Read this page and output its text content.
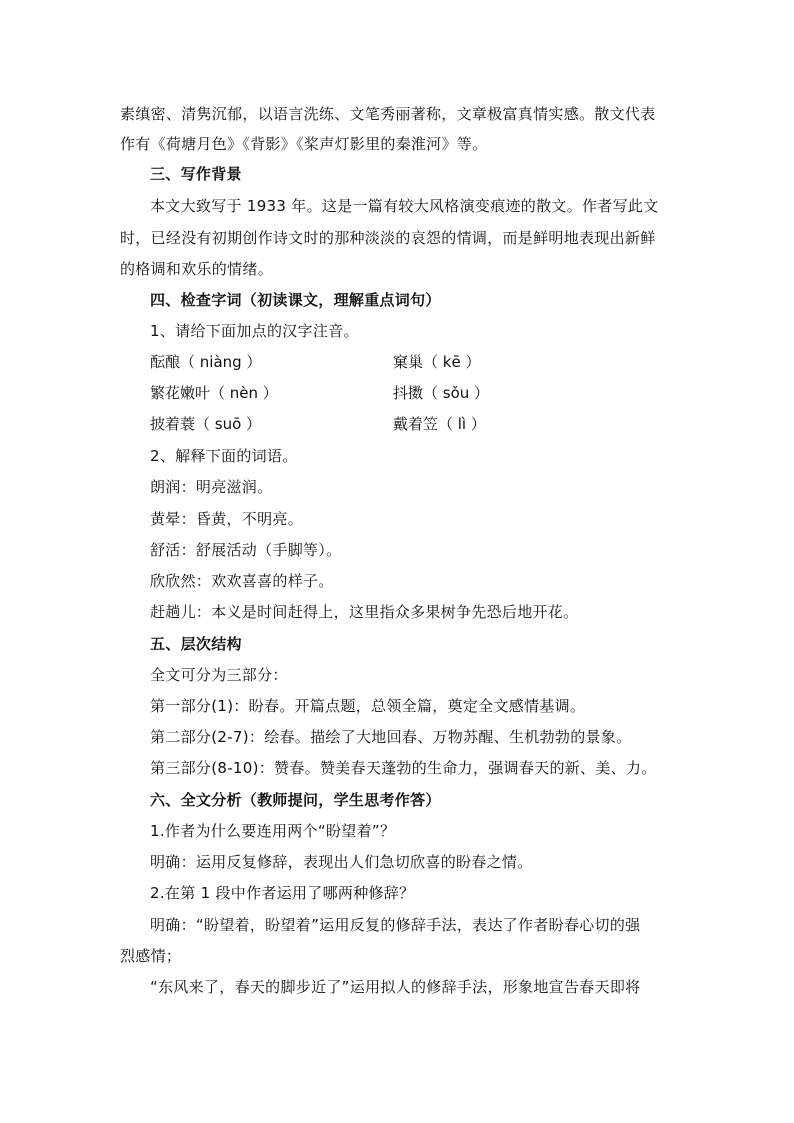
素缜密、清隽沉郁，以语言洗练、文笔秀丽著称，文章极富真情实感。散文代表
作有《荷塘月色》《背影》《桨声灯影里的秦淮河》等。
三、写作背景
本文大致写于 1933 年。这是一篇有较大风格演变痕迹的散文。作者写此文
时，已经没有初期创作诗文时的那种淡淡的哀怨的情调，而是鲜明地表现出新鲜
的格调和欢乐的情绪。
四、检查字词（初读课文，理解重点词句）
1、请给下面加点的汉字注音。
酝酿（ niàng ）	窠巢（ kē ）
繁花嫩叶（ nèn ）	抖擞（ sǒu ）
披着蓑（ suō ）	戴着笠（ lì ）
2、解释下面的词语。
朗润：明亮滋润。
黄晕：昏黄，不明亮。
舒活：舒展活动（手脚等）。
欣欣然：欢欢喜喜的样子。
赶趟儿：本义是时间赶得上，这里指众多果树争先恐后地开花。
五、层次结构
全文可分为三部分：
第一部分(1)：盼春。开篇点题，总领全篇，奠定全文感情基调。
第二部分(2-7)：绘春。描绘了大地回春、万物苏醒、生机勃勃的景象。
第三部分(8-10)：赞春。赞美春天蓬勃的生命力，强调春天的新、美、力。
六、全文分析（教师提问，学生思考作答）
1.作者为什么要连用两个“盼望着”？
明确：运用反复修辞，表现出人们急切欣喜的盼春之情。
2.在第 1 段中作者运用了哪两种修辞？
明确：“盼望着，盼望着”运用反复的修辞手法，表达了作者盼春心切的强
烈感情；
“东风来了，春天的脚步近了”运用拟人的修辞手法，形象地宣告春天即将
